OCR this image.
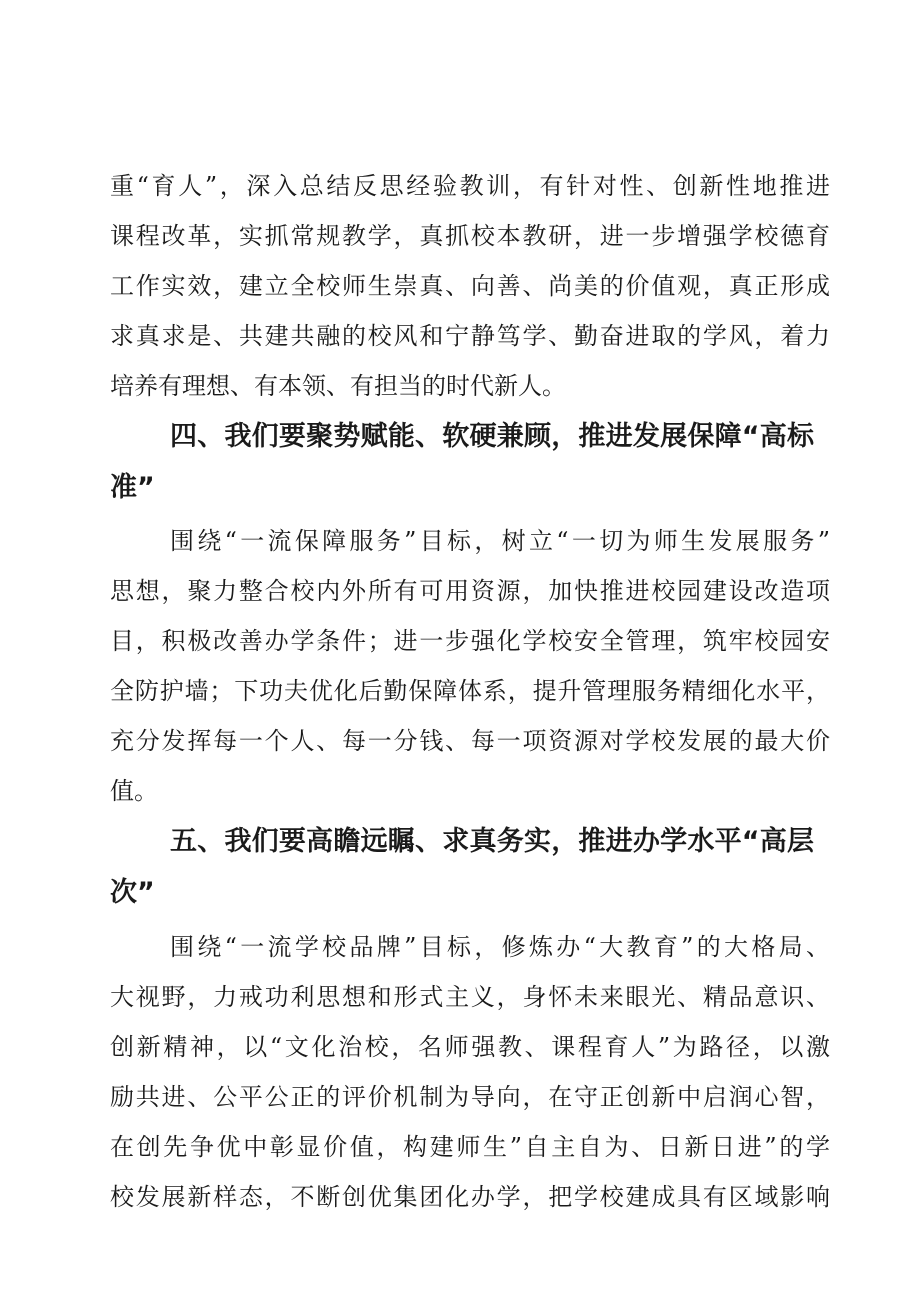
重“育人”，深入总结反思经验教训，有针对性、创新性地推进
课程改革，实抓常规教学，真抓校本教研，进一步增强学校德育
工作实效，建立全校师生崇真、向善、尚美的价值观，真正形成
求真求是、共建共融的校风和宁静笃学、勤奋进取的学风，着力
培养有理想、有本领、有担当的时代新人。
四、我们要聚势赋能、软硬兼顾，推进发展保障“高标
准”
围绕“一流保障服务”目标，树立“一切为师生发展服务”
思想，聚力整合校内外所有可用资源，加快推进校园建设改造项
目，积极改善办学条件；进一步强化学校安全管理，筑牢校园安
全防护墙；下功夫优化后勤保障体系，提升管理服务精细化水平，
充分发挥每一个人、每一分钱、每一项资源对学校发展的最大价
值。
五、我们要高瞻远瞩、求真务实，推进办学水平“高层
次”
围绕“一流学校品牌”目标，修炼办“大教育”的大格局、
大视野，力戒功利思想和形式主义，身怀未来眼光、精品意识、
创新精神，以“文化治校，名师强教、课程育人”为路径，以激
励共进、公平公正的评价机制为导向，在守正创新中启润心智，
在创先争优中彰显价值，构建师生”自主自为、日新日进”的学
校发展新样态，不断创优集团化办学，把学校建成具有区域影响
